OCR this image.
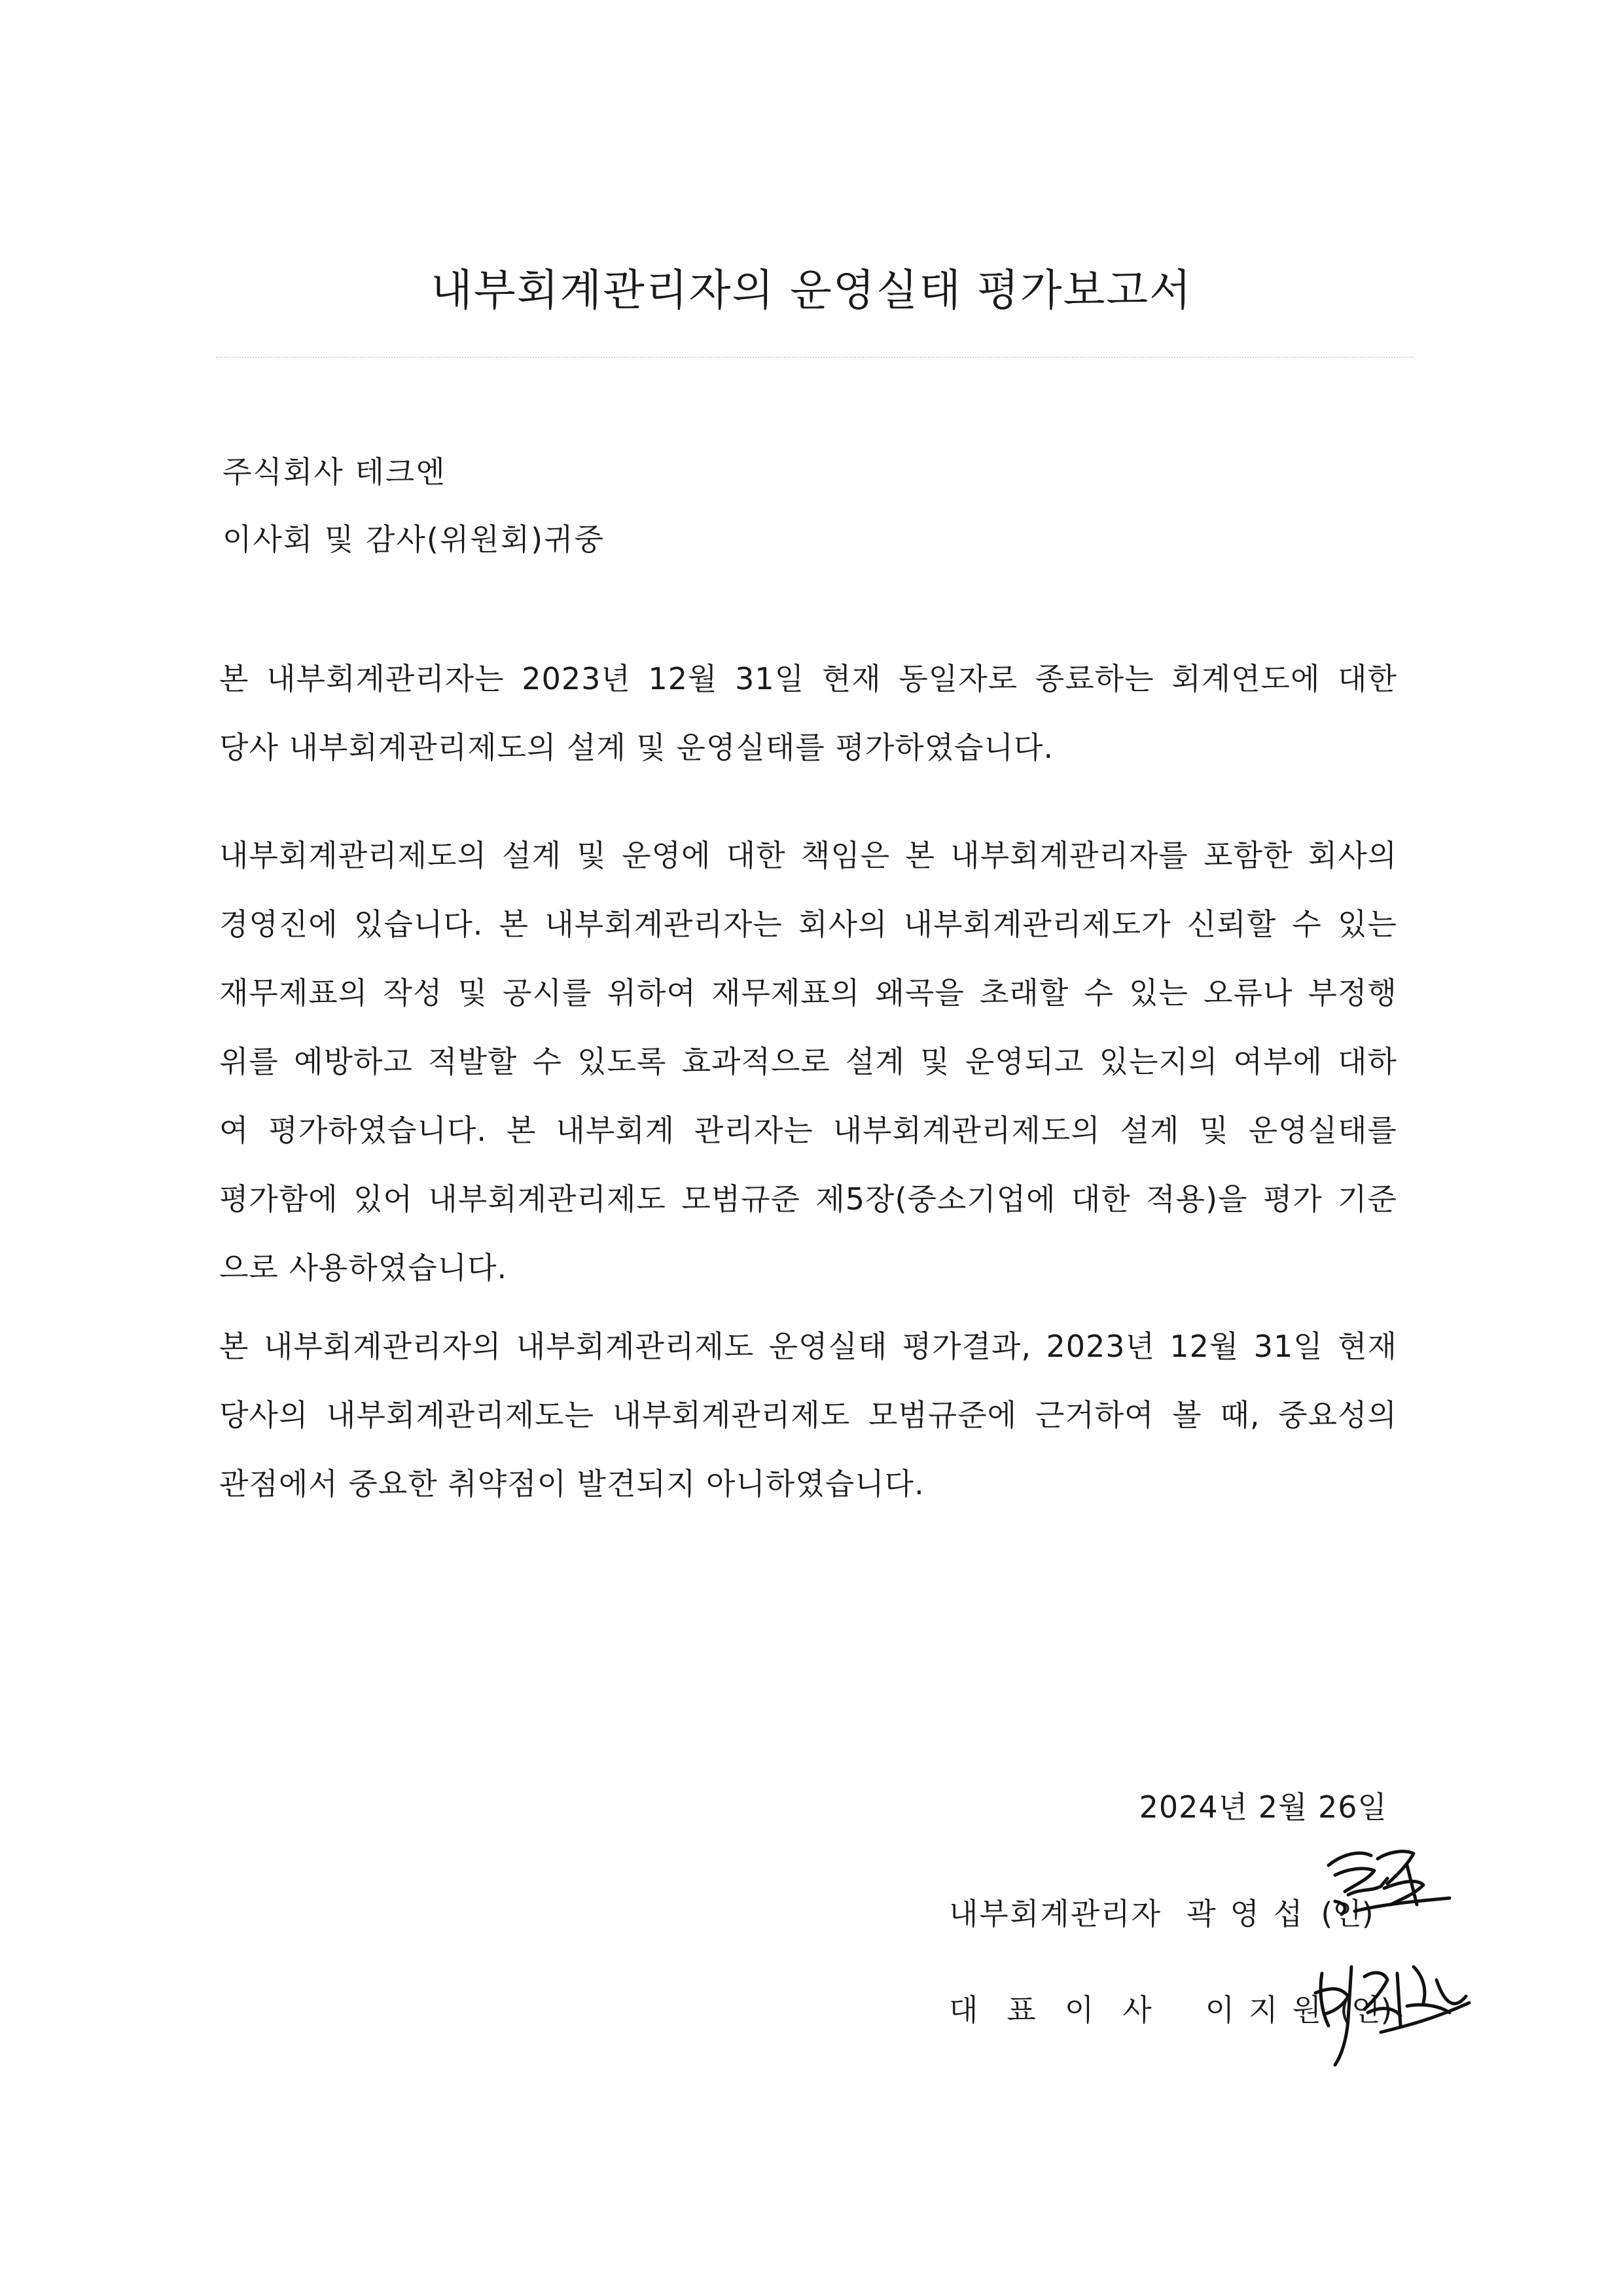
내부회계관리자의 운영실태 평가보고서
주식회사 테크엔
이사회 및 감사(위원회)귀중
본 내부회계관리자는 2023년 12월 31일 현재 동일자로 종료하는 회계연도에 대한
당사 내부회계관리제도의 설계 및 운영실태를 평가하였습니다.
내부회계관리제도의 설계 및 운영에 대한 책임은 본 내부회계관리자를 포함한 회사의
경영진에 있습니다. 본 내부회계관리자는 회사의 내부회계관리제도가 신뢰할 수 있는
재무제표의 작성 및 공시를 위하여 재무제표의 왜곡을 초래할 수 있는 오류나 부정행
위를 예방하고 적발할 수 있도록 효과적으로 설계 및 운영되고 있는지의 여부에 대하
여 평가하였습니다. 본 내부회계 관리자는 내부회계관리제도의 설계 및 운영실태를
평가함에 있어 내부회계관리제도 모범규준 제5장(중소기업에 대한 적용)을 평가 기준
으로 사용하였습니다.
본 내부회계관리자의 내부회계관리제도 운영실태 평가결과, 2023년 12월 31일 현재
당사의 내부회계관리제도는 내부회계관리제도 모범규준에 근거하여 볼 때, 중요성의
관점에서 중요한 취약점이 발견되지 아니하였습니다.
2024년 2월 26일
내부회계관리자 곽영섭 (인)
대표이사 이지원 (인)
